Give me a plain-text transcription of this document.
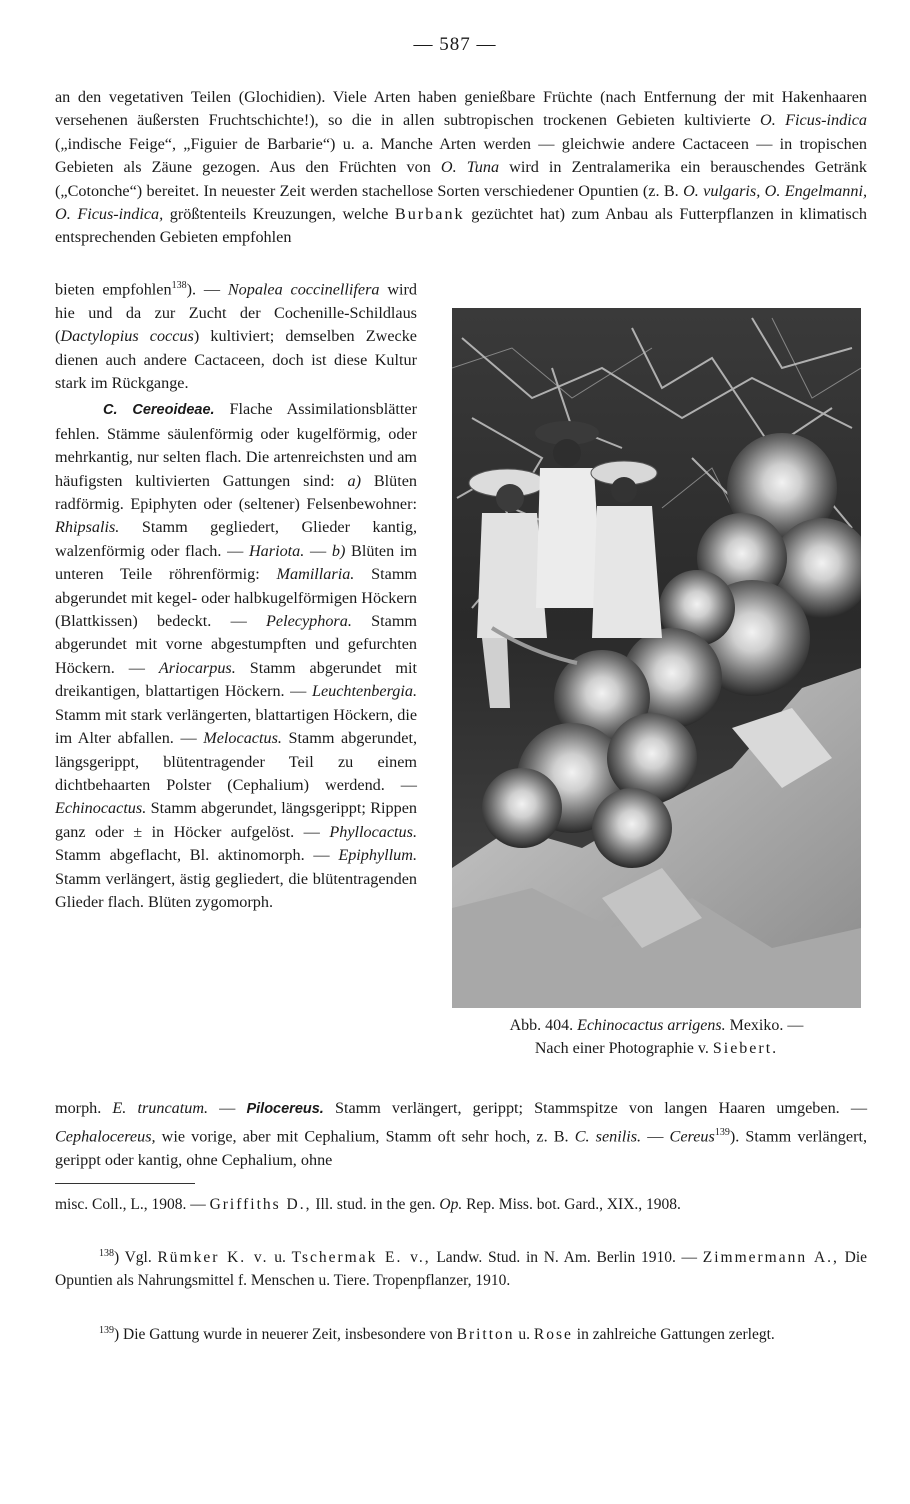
— 587 —

an den vegetativen Teilen (Glochidien). Viele Arten haben genießbare Früchte (nach Entfernung der mit Hakenhaaren versehenen äußersten Fruchtschichte!), so die in allen subtropischen trockenen Gebieten kultivierte O. Ficus-indica („indische Feige“, „Figuier de Barbarie“) u. a. Manche Arten werden — gleichwie andere Cactaceen — in tropischen Gebieten als Zäune gezogen. Aus den Früchten von O. Tuna wird in Zentralamerika ein berauschendes Getränk („Cotonche“) bereitet. In neuester Zeit werden stachellose Sorten verschiedener Opuntien (z. B. O. vulgaris, O. Engelmanni, O. Ficus-indica, größtenteils Kreuzungen, welche Burbank gezüchtet hat) zum Anbau als Futterpflanzen in klimatisch entsprechenden Gebieten empfohlen

bieten empfohlen$^{138}$). — Nopalea coccinellifera wird hie und da zur Zucht der Cochenille-Schildlaus (Dactylopius coccus) kultiviert; demselben Zwecke dienen auch andere Cactaceen, doch ist diese Kultur stark im Rückgange.

C. Cereoideae. Flache Assimilationsblätter fehlen. Stämme säulenförmig oder kugelförmig, oder mehrkantig, nur selten flach. Die artenreichsten und am häufigsten kultivierten Gattungen sind: a) Blüten radförmig. Epiphyten oder (seltener) Felsenbewohner: Rhipsalis. Stamm gegliedert, Glieder kantig, walzenförmig oder flach. — Hariota. — b) Blüten im unteren Teile röhrenförmig: Mamillaria. Stamm abgerundet mit kegel- oder halbkugelförmigen Höckern (Blattkissen) bedeckt. — Pelecyphora. Stamm abgerundet mit vorne abgestumpften und gefurchten Höckern. — Ariocarpus. Stamm abgerundet mit dreikantigen, blattartigen Höckern. — Leuchtenbergia. Stamm mit stark verlängerten, blattartigen Höckern, die im Alter abfallen. — Melocactus. Stamm abgerundet, längsgerippt, blütentragender Teil zu einem dichtbehaarten Polster (Cephalium) werdend. — Echinocactus. Stamm abgerundet, längsgerippt; Rippen ganz oder ± in Höcker aufgelöst. — Phyllocactus. Stamm abgeflacht, Bl. aktinomorph. — Epiphyllum. Stamm verlängert, ästig gegliedert, die blütentragenden Glieder flach. Blüten zygomorph.

Abb. 404. Echinocactus arrigens. Mexiko. —
Nach einer Photographie v. Siebert.

morph. E. truncatum. — Pilocereus. Stamm verlängert, gerippt; Stammspitze von langen Haaren umgeben. — Cephalocereus, wie vorige, aber mit Cephalium, Stamm oft sehr hoch, z. B. C. senilis. — Cereus$^{139}$). Stamm verlängert, gerippt oder kantig, ohne Cephalium, ohne

misc. Coll., L., 1908. — Griffiths D., Ill. stud. in the gen. Op. Rep. Miss. bot. Gard., XIX., 1908.

$^{138}$) Vgl. Rümker K. v. u. Tschermak E. v., Landw. Stud. in N. Am. Berlin 1910. — Zimmermann A., Die Opuntien als Nahrungsmittel f. Menschen u. Tiere. Tropenpflanzer, 1910.

$^{139}$) Die Gattung wurde in neuerer Zeit, insbesondere von Britton u. Rose in zahlreiche Gattungen zerlegt.
